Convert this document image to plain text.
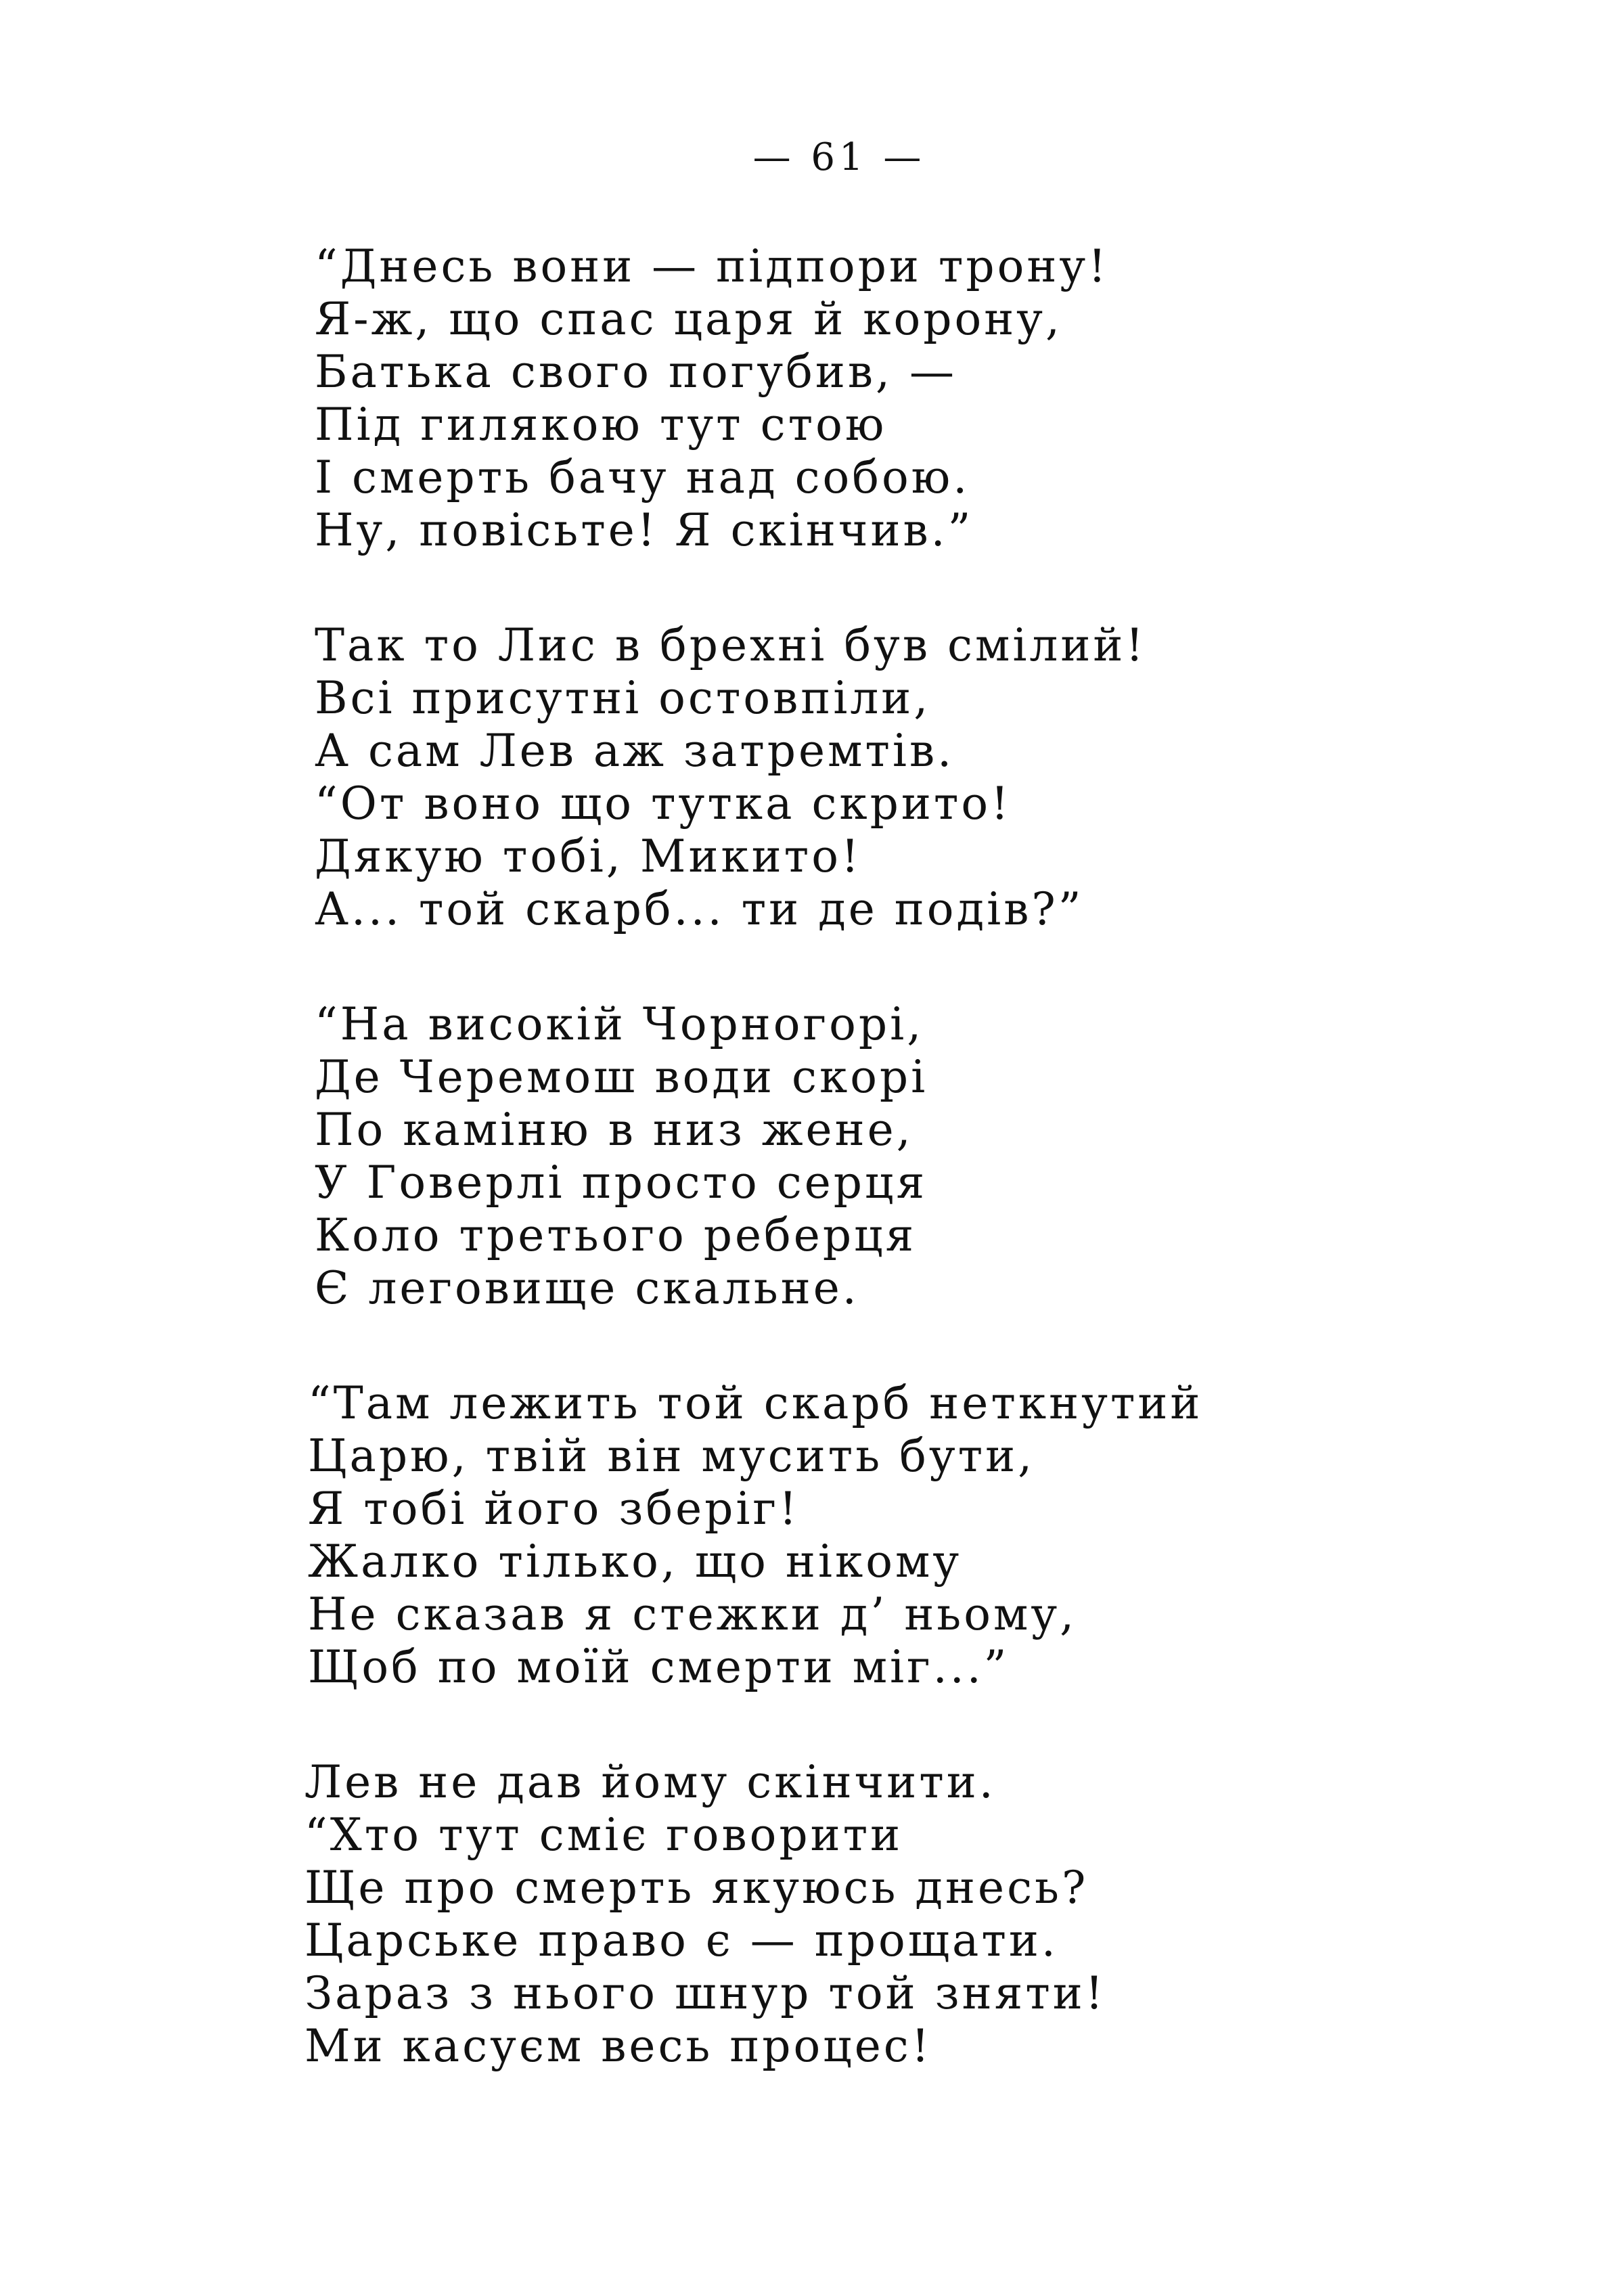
— 61 —
“Днесь вони — підпори трону!
Я-ж, що спас царя й корону,
Батька свого погубив, —
Під гилякою тут стою
І смерть бачу над собою.
Ну, повісьте! Я скінчив.”
Так то Лис в брехні був смілий!
Всі присутні остовпіли,
А сам Лев аж затремтів.
“От воно що тутка скрито!
Дякую тобі, Микито!
А... той скарб... ти де подів?”
“На високій Чорногорі,
Де Черемош води скорі
По каміню в низ жене,
У Говерлі просто серця
Коло третього реберця
Є леговище скальне.
“Там лежить той скарб неткнутий
Царю, твій він мусить бути,
Я тобі його зберіг!
Жалко тілько, що нікому
Не сказав я стежки д’ ньому,
Щоб по моїй смерти міг...”
Лев не дав йому скінчити.
“Хто тут сміє говорити
Ще про смерть якуюсь днесь?
Царське право є — прощати.
Зараз з нього шнур той зняти!
Ми касуєм весь процес!
